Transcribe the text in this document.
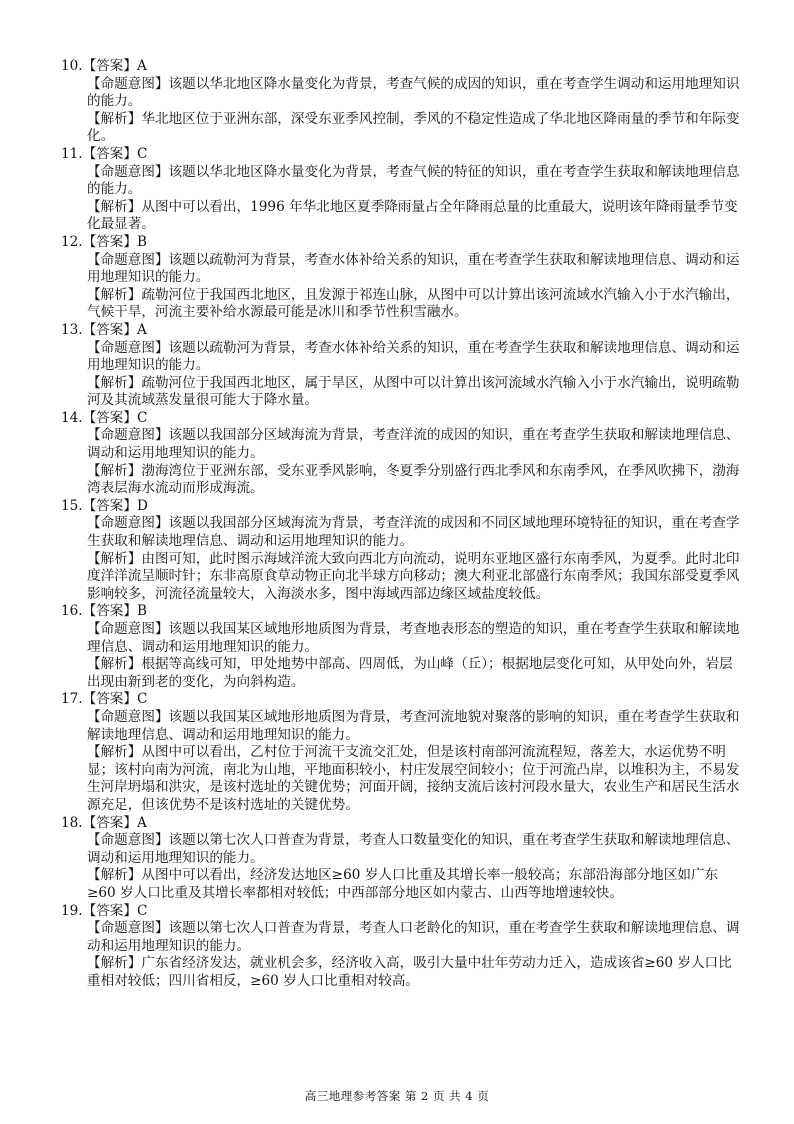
10.【答案】A

【命题意图】该题以华北地区降水量变化为背景，考查气候的成因的知识，重在考查学生调动和运用地理知识的能力。

【解析】华北地区位于亚洲东部，深受东亚季风控制，季风的不稳定性造成了华北地区降雨量的季节和年际变化。

11.【答案】C

【命题意图】该题以华北地区降水量变化为背景，考查气候的特征的知识，重在考查学生获取和解读地理信息的能力。

【解析】从图中可以看出，1996 年华北地区夏季降雨量占全年降雨总量的比重最大，说明该年降雨量季节变化最显著。

12.【答案】B

【命题意图】该题以疏勒河为背景，考查水体补给关系的知识，重在考查学生获取和解读地理信息、调动和运用地理知识的能力。

【解析】疏勒河位于我国西北地区，且发源于祁连山脉，从图中可以计算出该河流域水汽输入小于水汽输出，气候干旱，河流主要补给水源最可能是冰川和季节性积雪融水。

13.【答案】A

【命题意图】该题以疏勒河为背景，考查水体补给关系的知识，重在考查学生获取和解读地理信息、调动和运用地理知识的能力。

【解析】疏勒河位于我国西北地区，属于旱区，从图中可以计算出该河流域水汽输入小于水汽输出，说明疏勒河及其流域蒸发量很可能大于降水量。

14.【答案】C

【命题意图】该题以我国部分区域海流为背景，考查洋流的成因的知识，重在考查学生获取和解读地理信息、调动和运用地理知识的能力。

【解析】渤海湾位于亚洲东部，受东亚季风影响，冬夏季分别盛行西北季风和东南季风，在季风吹拂下，渤海湾表层海水流动而形成海流。

15.【答案】D

【命题意图】该题以我国部分区域海流为背景，考查洋流的成因和不同区域地理环境特征的知识，重在考查学生获取和解读地理信息、调动和运用地理知识的能力。

【解析】由图可知，此时图示海域洋流大致向西北方向流动，说明东亚地区盛行东南季风，为夏季。此时北印度洋洋流呈顺时针；东非高原食草动物正向北半球方向移动；澳大利亚北部盛行东南季风；我国东部受夏季风影响较多，河流径流量较大，入海淡水多，图中海域西部边缘区域盐度较低。

16.【答案】B

【命题意图】该题以我国某区域地形地质图为背景，考查地表形态的塑造的知识，重在考查学生获取和解读地理信息、调动和运用地理知识的能力。

【解析】根据等高线可知，甲处地势中部高、四周低，为山峰（丘）；根据地层变化可知，从甲处向外，岩层出现由新到老的变化，为向斜构造。

17.【答案】C

【命题意图】该题以我国某区域地形地质图为背景，考查河流地貌对聚落的影响的知识，重在考查学生获取和解读地理信息、调动和运用地理知识的能力。

【解析】从图中可以看出，乙村位于河流干支流交汇处，但是该村南部河流流程短，落差大，水运优势不明显；该村向南为河流，南北为山地，平地面积较小，村庄发展空间较小；位于河流凸岸，以堆积为主，不易发生河岸坍塌和洪灾，是该村选址的关键优势；河面开阔，接纳支流后该村河段水量大，农业生产和居民生活水源充足，但该优势不是该村选址的关键优势。

18.【答案】A

【命题意图】该题以第七次人口普查为背景，考查人口数量变化的知识，重在考查学生获取和解读地理信息、调动和运用地理知识的能力。

【解析】从图中可以看出，经济发达地区≥60 岁人口比重及其增长率一般较高；东部沿海部分地区如广东≥60 岁人口比重及其增长率都相对较低；中西部部分地区如内蒙古、山西等地增速较快。

19.【答案】C

【命题意图】该题以第七次人口普查为背景，考查人口老龄化的知识，重在考查学生获取和解读地理信息、调动和运用地理知识的能力。

【解析】广东省经济发达，就业机会多，经济收入高，吸引大量中壮年劳动力迁入，造成该省≥60 岁人口比重相对较低；四川省相反，≥60 岁人口比重相对较高。

高三地理参考答案 第 2 页 共 4 页
